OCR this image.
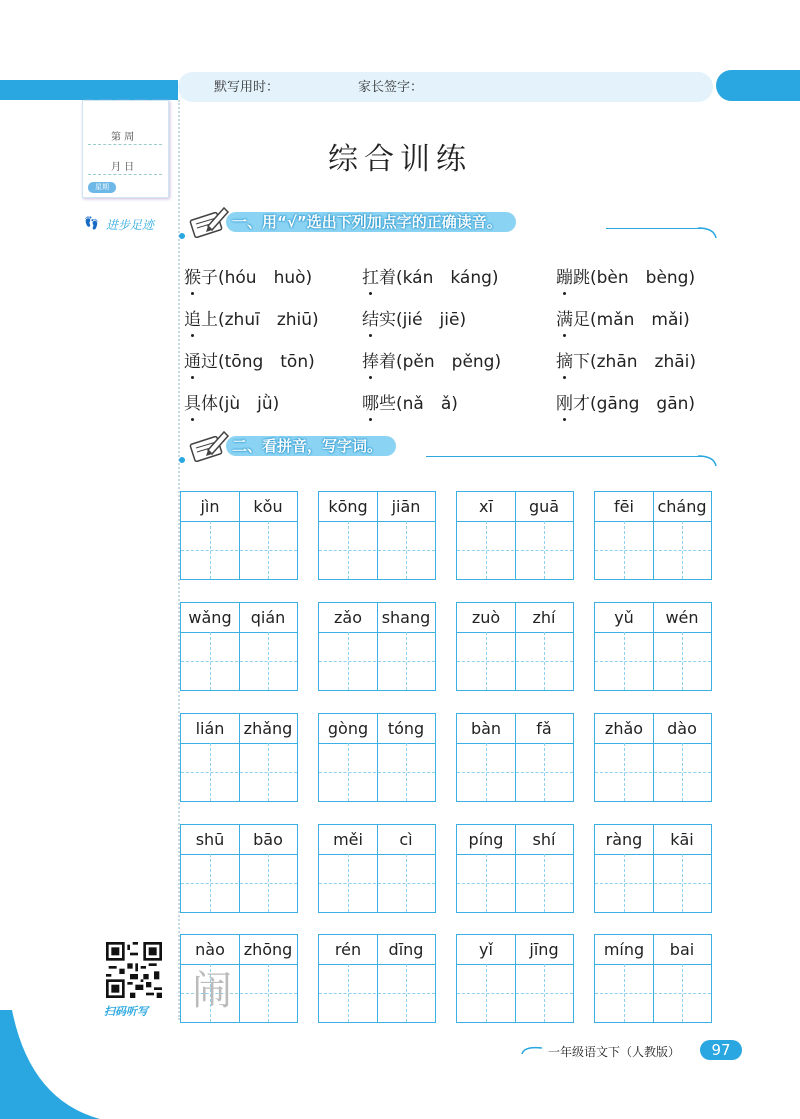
默写用时：	家长签字：
第 周
月 日
星期
👣 进步足迹
综合训练
一、用“√”选出下列加点字的正确读音。
猴子(hóu　huò)	扛着(kán　káng)	蹦跳(bèn　bèng)
追上(zhuī　zhiū)	结实(jié　jiē)	满足(mǎn　mǎi)
通过(tōng　tōn)	捧着(pěn　pěng)	摘下(zhān　zhāi)
具体(jù　jǜ)	哪些(nǎ　ǎ)	刚才(gāng　gān)
二、看拼音，写字词。
jìn	kǒu	kōng	jiān	xī	guā	fēi	cháng
wǎng	qián	zǎo	shang	zuò	zhí	yǔ	wén
lián	zhǎng	gòng	tóng	bàn	fǎ	zhǎo	dào
shū	bāo	měi	cì	píng	shí	ràng	kāi
nào	zhōng	rén	dīng	yǐ	jīng	míng	bai
闹
扫码听写
一年级语文下（人教版）	97
